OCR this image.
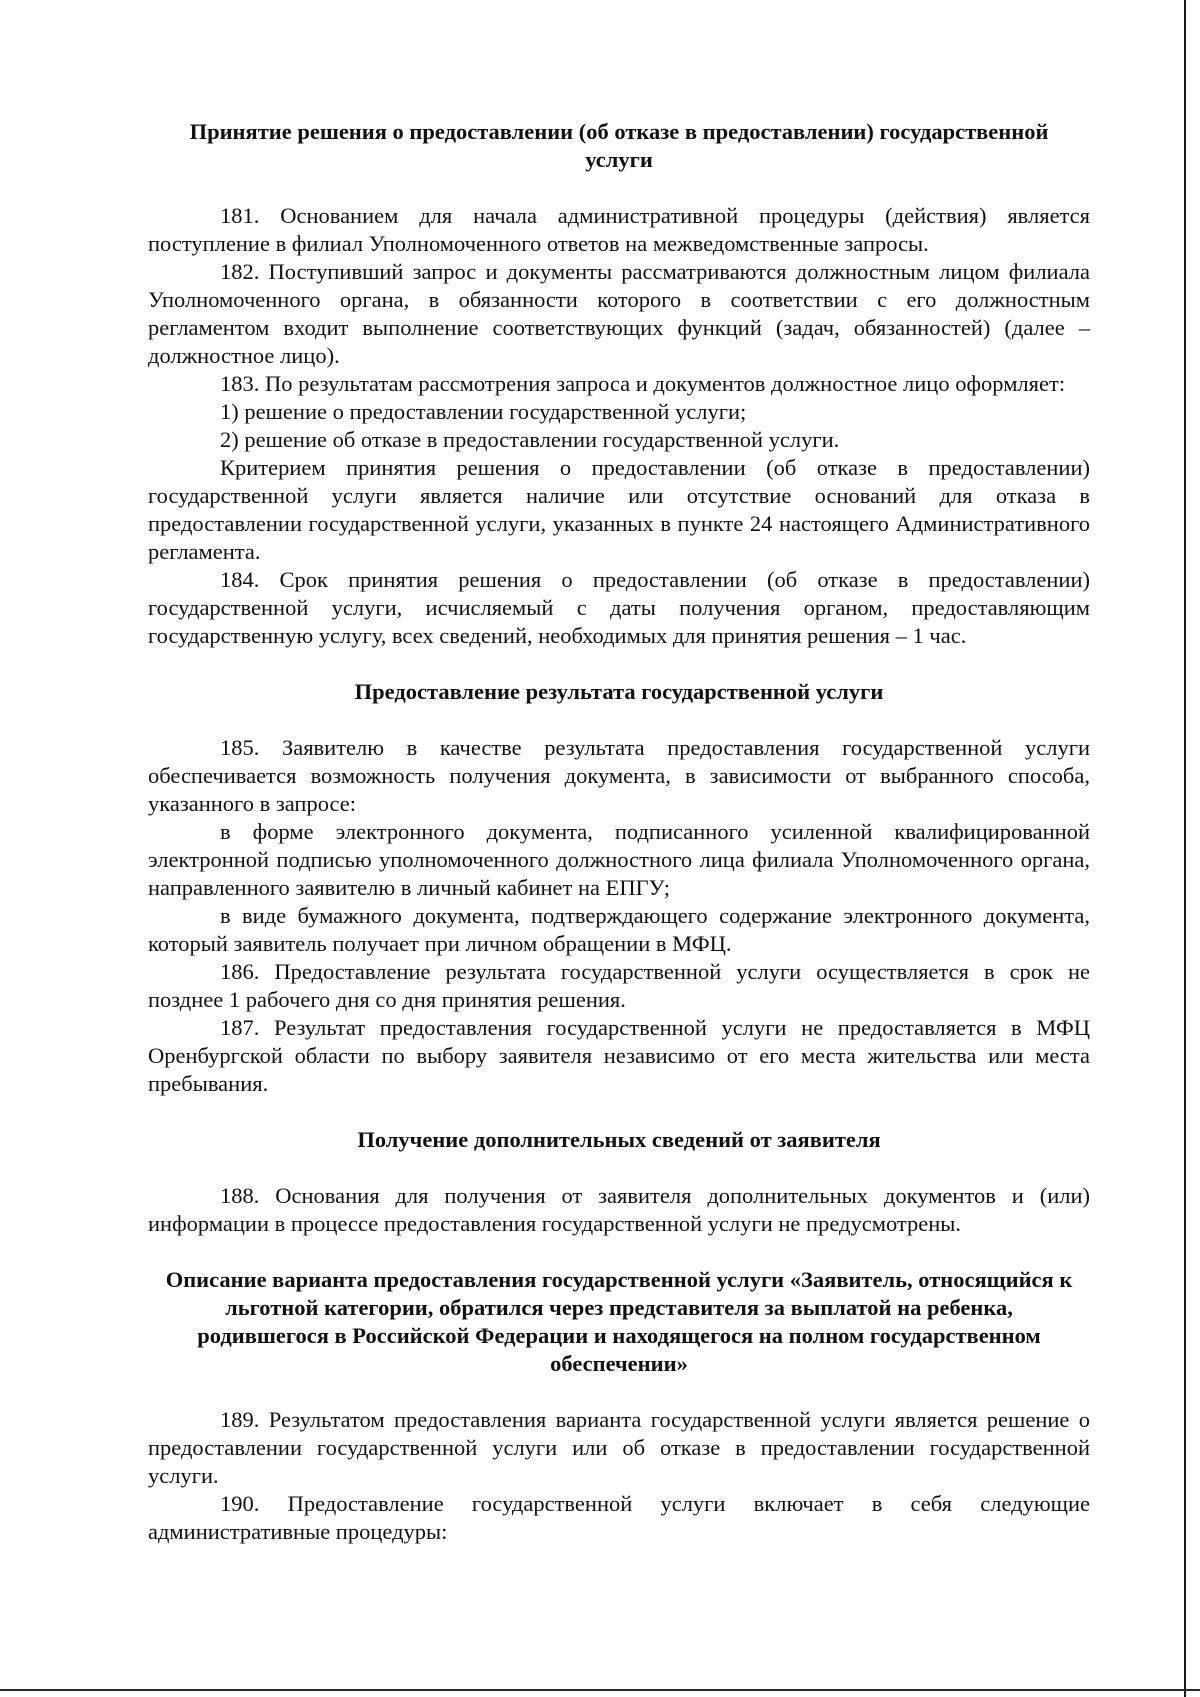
Принятие решения о предоставлении (об отказе в предоставлении) государственной услуги

181. Основанием для начала административной процедуры (действия) является поступление в филиал Уполномоченного ответов на межведомственные запросы.

182. Поступивший запрос и документы рассматриваются должностным лицом филиала Уполномоченного органа, в обязанности которого в соответствии с его должностным регламентом входит выполнение соответствующих функций (задач, обязанностей) (далее – должностное лицо).

183. По результатам рассмотрения запроса и документов должностное лицо оформляет:

1) решение о предоставлении государственной услуги;

2) решение об отказе в предоставлении государственной услуги.

Критерием принятия решения о предоставлении (об отказе в предоставлении) государственной услуги является наличие или отсутствие оснований для отказа в предоставлении государственной услуги, указанных в пункте 24 настоящего Административного регламента.

184. Срок принятия решения о предоставлении (об отказе в предоставлении) государственной услуги, исчисляемый с даты получения органом, предоставляющим государственную услугу, всех сведений, необходимых для принятия решения – 1 час.

Предоставление результата государственной услуги

185. Заявителю в качестве результата предоставления государственной услуги обеспечивается возможность получения документа, в зависимости от выбранного способа, указанного в запросе:

в форме электронного документа, подписанного усиленной квалифицированной электронной подписью уполномоченного должностного лица филиала Уполномоченного органа, направленного заявителю в личный кабинет на ЕПГУ;

в виде бумажного документа, подтверждающего содержание электронного документа, который заявитель получает при личном обращении в МФЦ.

186. Предоставление результата государственной услуги осуществляется в срок не позднее 1 рабочего дня со дня принятия решения.

187. Результат предоставления государственной услуги не предоставляется в МФЦ Оренбургской области по выбору заявителя независимо от его места жительства или места пребывания.

Получение дополнительных сведений от заявителя

188. Основания для получения от заявителя дополнительных документов и (или) информации в процессе предоставления государственной услуги не предусмотрены.

Описание варианта предоставления государственной услуги «Заявитель, относящийся к льготной категории, обратился через представителя за выплатой на ребенка, родившегося в Российской Федерации и находящегося на полном государственном обеспечении»

189. Результатом предоставления варианта государственной услуги является решение о предоставлении государственной услуги или об отказе в предоставлении государственной услуги.

190. Предоставление государственной услуги включает в себя следующие административные процедуры:
